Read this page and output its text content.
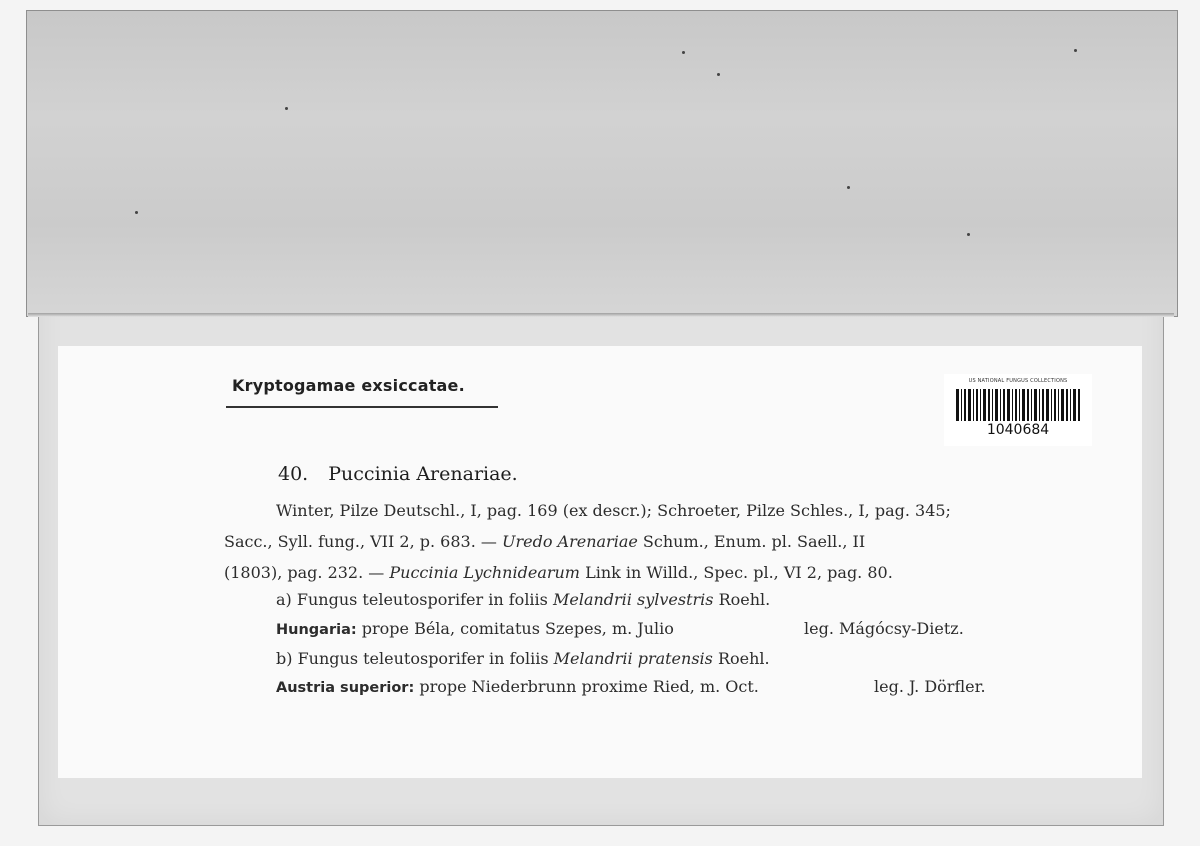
Kryptogamae exsiccatae.	US NATIONAL FUNGUS COLLECTIONS
1040684
40. Puccinia Arenariae.
Winter, Pilze Deutschl., I, pag. 169 (ex descr.); Schroeter, Pilze Schles., I, pag. 345;
Sacc., Syll. fung., VII 2, p. 683. — Uredo Arenariae Schum., Enum. pl. Saell., II
(1803), pag. 232. — Puccinia Lychnidearum Link in Willd., Spec. pl., VI 2, pag. 80.
a) Fungus teleutosporifer in foliis Melandrii sylvestris Roehl.
Hungaria: prope Béla, comitatus Szepes, m. Julio	leg. Mágócsy-Dietz.
b) Fungus teleutosporifer in foliis Melandrii pratensis Roehl.
Austria superior: prope Niederbrunn proxime Ried, m. Oct.	leg. J. Dörfler.
